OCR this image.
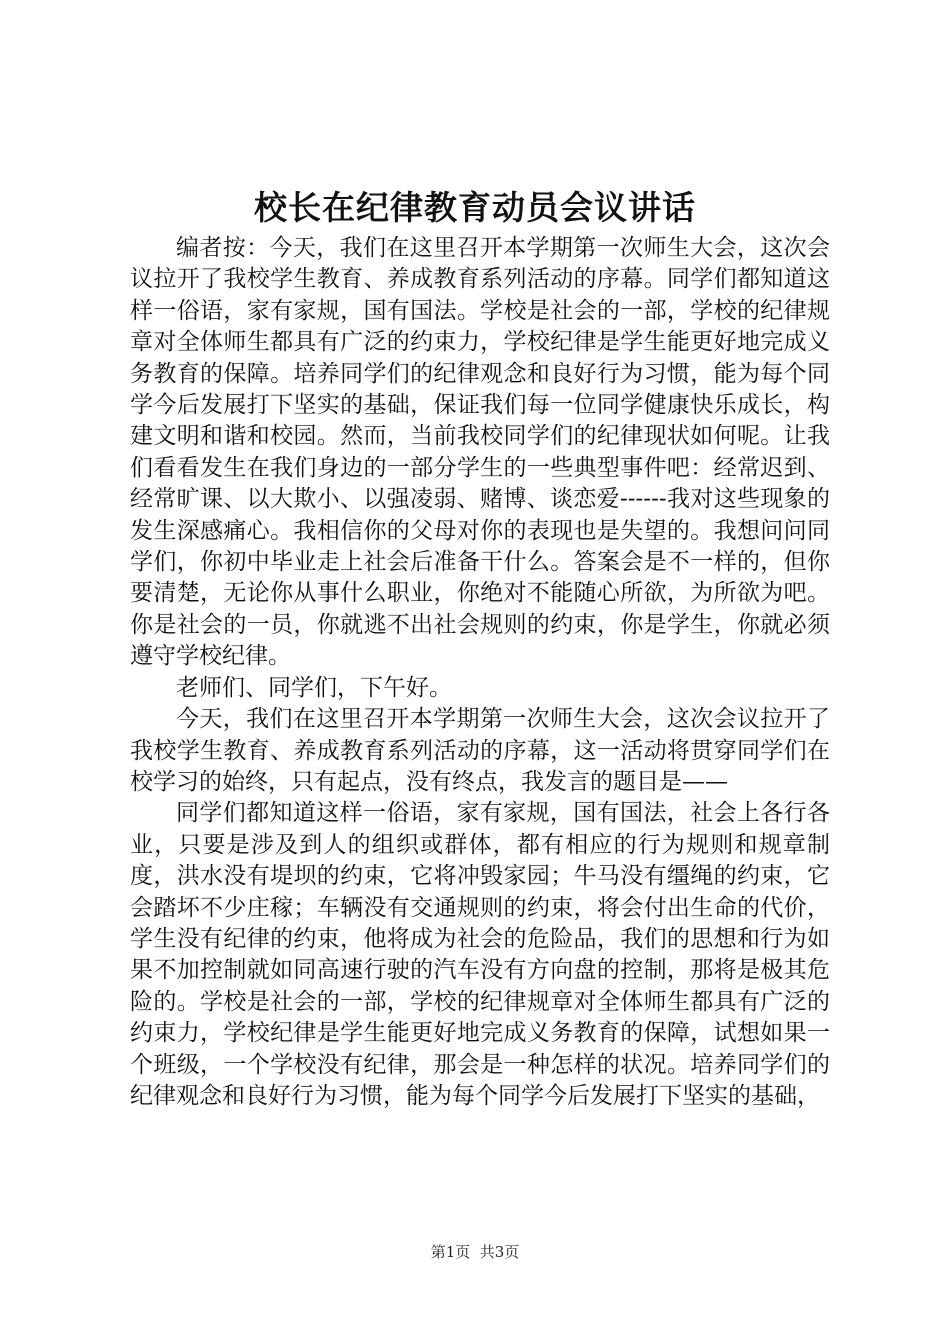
校长在纪律教育动员会议讲话

编者按：今天，我们在这里召开本学期第一次师生大会，这次会议拉开了我校学生教育、养成教育系列活动的序幕。同学们都知道这样一俗语，家有家规，国有国法。学校是社会的一部，学校的纪律规章对全体师生都具有广泛的约束力，学校纪律是学生能更好地完成义务教育的保障。培养同学们的纪律观念和良好行为习惯，能为每个同学今后发展打下坚实的基础，保证我们每一位同学健康快乐成长，构建文明和谐和校园。然而，当前我校同学们的纪律现状如何呢。让我们看看发生在我们身边的一部分学生的一些典型事件吧：经常迟到、经常旷课、以大欺小、以强凌弱、赌博、谈恋爱------我对这些现象的发生深感痛心。我相信你的父母对你的表现也是失望的。我想问问同学们，你初中毕业走上社会后准备干什么。答案会是不一样的，但你要清楚，无论你从事什么职业，你绝对不能随心所欲，为所欲为吧。你是社会的一员，你就逃不出社会规则的约束，你是学生，你就必须遵守学校纪律。

老师们、同学们，下午好。

今天，我们在这里召开本学期第一次师生大会，这次会议拉开了我校学生教育、养成教育系列活动的序幕，这一活动将贯穿同学们在校学习的始终，只有起点，没有终点，我发言的题目是——

同学们都知道这样一俗语，家有家规，国有国法，社会上各行各业，只要是涉及到人的组织或群体，都有相应的行为规则和规章制度，洪水没有堤坝的约束，它将冲毁家园；牛马没有缰绳的约束，它会踏坏不少庄稼；车辆没有交通规则的约束，将会付出生命的代价，学生没有纪律的约束，他将成为社会的危险品，我们的思想和行为如果不加控制就如同高速行驶的汽车没有方向盘的控制，那将是极其危险的。学校是社会的一部，学校的纪律规章对全体师生都具有广泛的约束力，学校纪律是学生能更好地完成义务教育的保障，试想如果一个班级，一个学校没有纪律，那会是一种怎样的状况。培养同学们的纪律观念和良好行为习惯，能为每个同学今后发展打下坚实的基础，

第1页  共3页
